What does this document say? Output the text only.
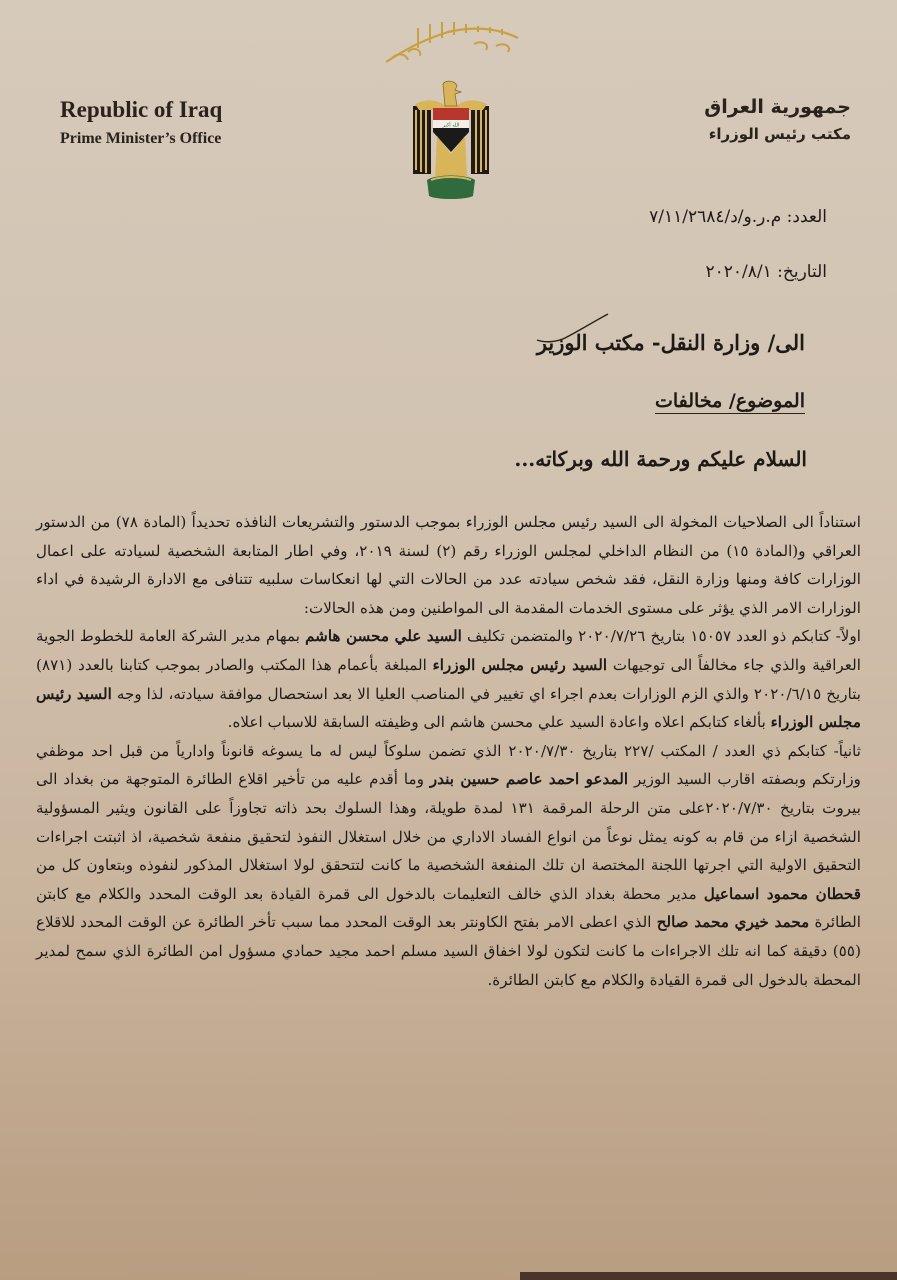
الله أكبر
Republic of Iraq
Prime Minister’s Office
جمهورية العراق
مكتب رئيس الوزراء
العدد: م.ر.و/د/٧/١١/٢٦٨٤
التاريخ: ٢٠٢٠/٨/١
الى/ وزارة النقل- مكتب الوزير
الموضوع/ مخالفات
السلام عليكم ورحمة الله وبركاته...

استناداً الى الصلاحيات المخولة الى السيد رئيس مجلس الوزراء بموجب الدستور والتشريعات النافذه تحديداً (المادة ٧٨) من الدستور العراقي و(المادة ١٥) من النظام الداخلي لمجلس الوزراء رقم (٢) لسنة ٢٠١٩، وفي اطار المتابعة الشخصية لسيادته على اعمال الوزارات كافة ومنها وزارة النقل، فقد شخص سيادته عدد من الحالات التي لها انعكاسات سلبيه تتنافى مع الادارة الرشيدة في اداء الوزارات الامر الذي يؤثر على مستوى الخدمات المقدمة الى المواطنين ومن هذه الحالات:

اولاً- كتابكم ذو العدد ١٥٠٥٧ بتاريخ ٢٠٢٠/٧/٢٦ والمتضمن تكليف السيد علي محسن هاشم بمهام مدير الشركة العامة للخطوط الجوية العراقية والذي جاء مخالفاً الى توجيهات السيد رئيس مجلس الوزراء المبلغة بأعمام هذا المكتب والصادر بموجب كتابنا بالعدد (٨٧١) بتاريخ ٢٠٢٠/٦/١٥ والذي الزم الوزارات بعدم اجراء اي تغيير في المناصب العليا الا بعد استحصال موافقة سيادته، لذا وجه السيد رئيس مجلس الوزراء بألغاء كتابكم اعلاه واعادة السيد علي محسن هاشم الى وظيفته السابقة للاسباب اعلاه.

ثانياً- كتابكم ذي العدد / المكتب /٢٢٧ بتاريخ ٢٠٢٠/٧/٣٠ الذي تضمن سلوكاً ليس له ما يسوغه قانوناً وادارياً من قبل احد موظفي وزارتكم وبصفته اقارب السيد الوزير المدعو احمد عاصم حسين بندر وما أقدم عليه من تأخير اقلاع الطائرة المتوجهة من بغداد الى بيروت بتاريخ ٢٠٢٠/٧/٣٠على متن الرحلة المرقمة ١٣١ لمدة طويلة، وهذا السلوك بحد ذاته تجاوزاً على القانون ويثير المسؤولية الشخصية ازاء من قام به كونه يمثل نوعاً من انواع الفساد الاداري من خلال استغلال النفوذ لتحقيق منفعة شخصية، اذ اثبتت اجراءات التحقيق الاولية التي اجرتها اللجنة المختصة ان تلك المنفعة الشخصية ما كانت لتتحقق لولا استغلال المذكور لنفوذه وبتعاون كل من قحطان محمود اسماعيل مدير محطة بغداد الذي خالف التعليمات بالدخول الى قمرة القيادة بعد الوقت المحدد والكلام مع كابتن الطائرة محمد خيري محمد صالح الذي اعطى الامر بفتح الكاونتر بعد الوقت المحدد مما سبب تأخر الطائرة عن الوقت المحدد للاقلاع (٥٥) دقيقة كما انه تلك الاجراءات ما كانت لتكون لولا اخفاق السيد مسلم احمد مجيد حمادي مسؤول امن الطائرة الذي سمح لمدير المحطة بالدخول الى قمرة القيادة والكلام مع كابتن الطائرة.
